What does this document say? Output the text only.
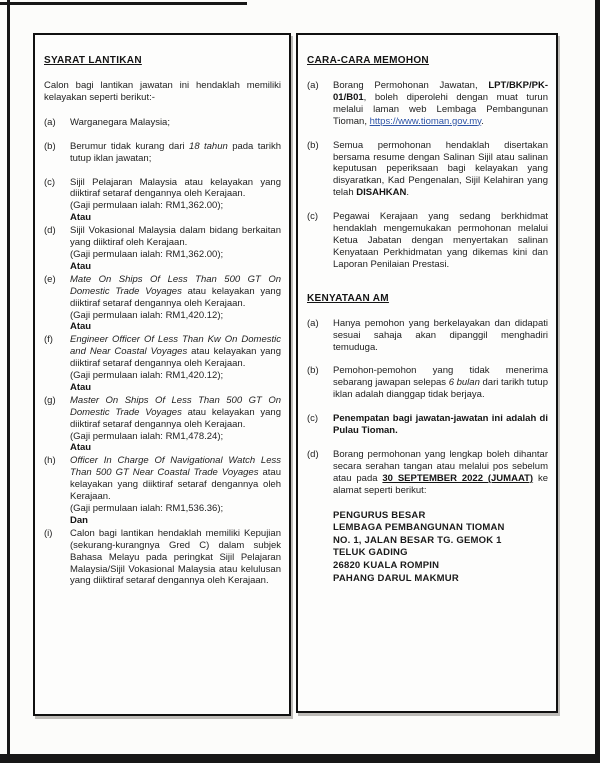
SYARAT LANTIKAN

Calon bagi lantikan jawatan ini hendaklah memiliki kelayakan seperti berikut:-

(a)	Warganegara Malaysia;
(b)	Berumur tidak kurang dari 18 tahun pada tarikh tutup iklan jawatan;
(c)	Sijil Pelajaran Malaysia atau kelayakan yang diiktiraf setaraf dengannya oleh Kerajaan.
(Gaji permulaan ialah: RM1,362.00);
Atau
(d)	Sijil Vokasional Malaysia dalam bidang berkaitan yang diiktiraf oleh Kerajaan.
(Gaji permulaan ialah: RM1,362.00);
Atau
(e)	Mate On Ships Of Less Than 500 GT On Domestic Trade Voyages atau kelayakan yang diiktiraf setaraf dengannya oleh Kerajaan.
(Gaji permulaan ialah: RM1,420.12);
Atau
(f)	Engineer Officer Of Less Than Kw On Domestic and Near Coastal Voyages atau kelayakan yang diiktiraf setaraf dengannya oleh Kerajaan.
(Gaji permulaan ialah: RM1,420.12);
Atau
(g)	Master On Ships Of Less Than 500 GT On Domestic Trade Voyages atau kelayakan yang diiktiraf setaraf dengannya oleh Kerajaan.
(Gaji permulaan ialah: RM1,478.24);
Atau
(h)	Officer In Charge Of Navigational Watch Less Than 500 GT Near Coastal Trade Voyages atau kelayakan yang diiktiraf setaraf dengannya oleh Kerajaan.
(Gaji permulaan ialah: RM1,536.36);
Dan
(i)	Calon bagi lantikan hendaklah memiliki Kepujian (sekurang-kurangnya Gred C) dalam subjek Bahasa Melayu pada peringkat Sijil Pelajaran Malaysia/Sijil Vokasional Malaysia atau kelulusan yang diiktiraf setaraf dengannya oleh Kerajaan.
CARA-CARA MEMOHON
(a)	Borang Permohonan Jawatan, LPT/BKP/PK-01/B01, boleh diperolehi dengan muat turun melalui laman web Lembaga Pembangunan Tioman, https://www.tioman.gov.my.
(b)	Semua permohonan hendaklah disertakan bersama resume dengan Salinan Sijil atau salinan keputusan peperiksaan bagi kelayakan yang disyaratkan, Kad Pengenalan, Sijil Kelahiran yang telah DISAHKAN.
(c)	Pegawai Kerajaan yang sedang berkhidmat hendaklah mengemukakan permohonan melalui Ketua Jabatan dengan menyertakan salinan Kenyataan Perkhidmatan yang dikemas kini dan Laporan Penilaian Prestasi.
KENYATAAN AM
(a)	Hanya pemohon yang berkelayakan dan didapati sesuai sahaja akan dipanggil menghadiri temuduga.
(b)	Pemohon-pemohon yang tidak menerima sebarang jawapan selepas 6 bulan dari tarikh tutup iklan adalah dianggap tidak berjaya.
(c)	Penempatan bagi jawatan-jawatan ini adalah di Pulau Tioman.
(d)	Borang permohonan yang lengkap boleh dihantar secara serahan tangan atau melalui pos sebelum atau pada 30 SEPTEMBER 2022 (JUMAAT) ke alamat seperti berikut:
PENGURUS BESAR
LEMBAGA PEMBANGUNAN TIOMAN
NO. 1, JALAN BESAR TG. GEMOK 1
TELUK GADING
26820 KUALA ROMPIN
PAHANG DARUL MAKMUR
